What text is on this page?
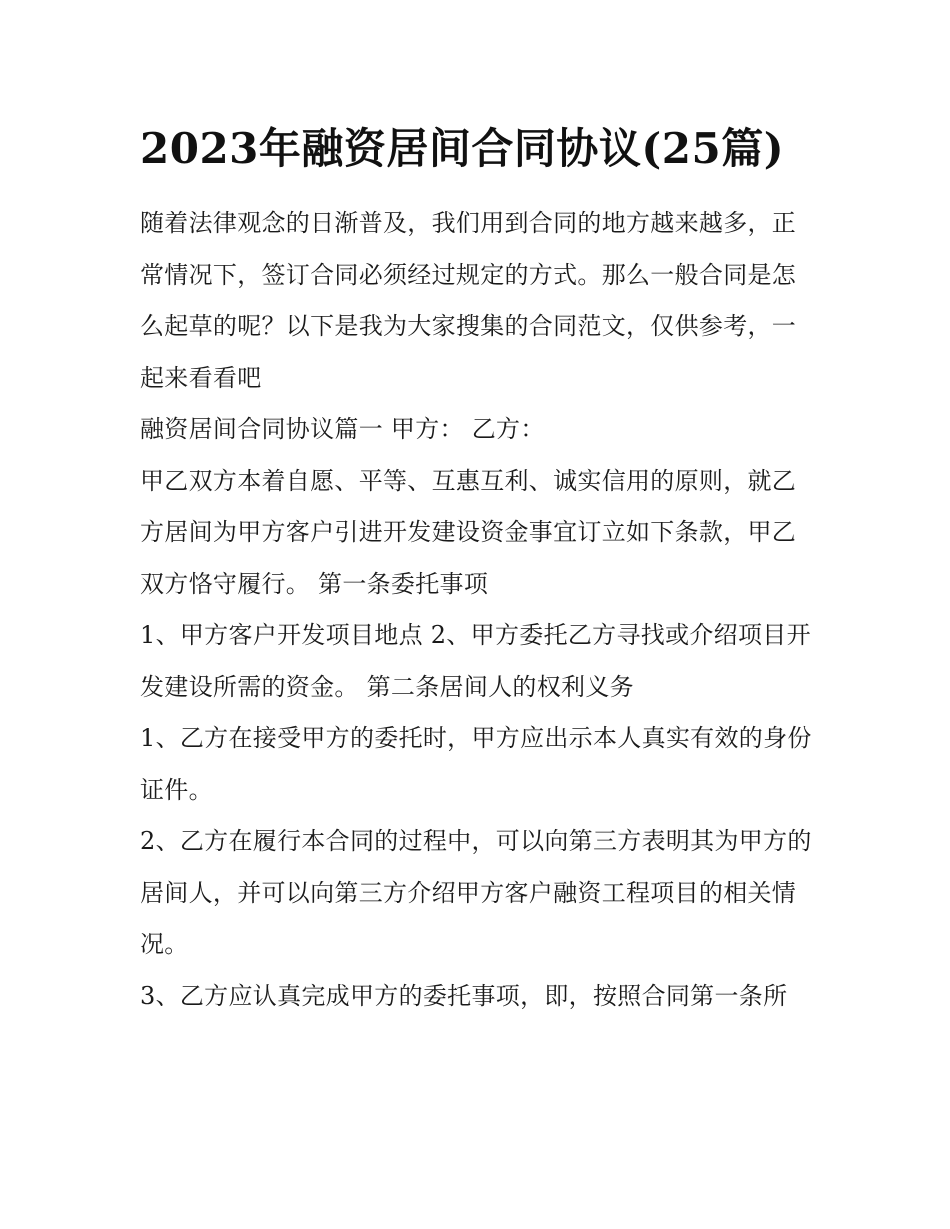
2023年融资居间合同协议(25篇)

随着法律观念的日渐普及，我们用到合同的地方越来越多，正常情况下，签订合同必须经过规定的方式。那么一般合同是怎么起草的呢？以下是我为大家搜集的合同范文，仅供参考，一起来看看吧

融资居间合同协议篇一 甲方： 乙方：

甲乙双方本着自愿、平等、互惠互利、诚实信用的原则，就乙方居间为甲方客户引进开发建设资金事宜订立如下条款，甲乙双方恪守履行。 第一条委托事项

1、甲方客户开发项目地点 2、甲方委托乙方寻找或介绍项目开发建设所需的资金。 第二条居间人的权利义务

1、乙方在接受甲方的委托时，甲方应出示本人真实有效的身份证件。

2、乙方在履行本合同的过程中，可以向第三方表明其为甲方的居间人，并可以向第三方介绍甲方客户融资工程项目的相关情况。

3、乙方应认真完成甲方的委托事项，即，按照合同第一条所
